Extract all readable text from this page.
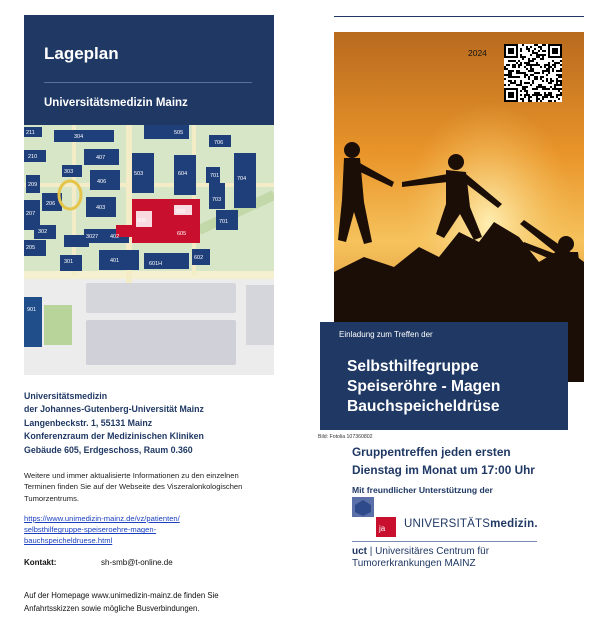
Lageplan
Universitätsmedizin Mainz
211
304
505
706
210	407
209
303	503	604	701	704
207
206
406
403
703
605
608
605
205
302
3027 402
701
301	401	601H
602
901
Universitätsmedizin
der Johannes-Gutenberg-Universität Mainz
Langenbeckstr. 1, 55131 Mainz
Konferenzraum der Medizinischen Kliniken
Gebäude 605, Erdgeschoss, Raum 0.360
Weitere und immer aktualisierte Informationen zu den einzelnen Terminen finden Sie auf der Webseite des Viszeralonkologischen Tumorzentrums.
https://www.unimedizin-mainz.de/vz/patienten/
selbsthilfegruppe-speiseroehre-magen-
bauchspeicheldruese.html
Kontakt:	sh-smb@t-online.de
Auf der Homepage www.unimedizin-mainz.de finden Sie Anfahrtsskizzen sowie mögliche Busverbindungen.
2024
Einladung zum Treffen der
Selbsthilfegruppe
Speiseröhre - Magen
Bauchspeicheldrüse
Bild: Fotolia 107360802
Gruppentreffen jeden ersten
Dienstag im Monat um 17:00 Uhr
Mit freundlicher Unterstützung der
ja UNIVERSITÄTSmedizin.
uct | Universitäres Centrum für
Tumorerkrankungen MAINZ
